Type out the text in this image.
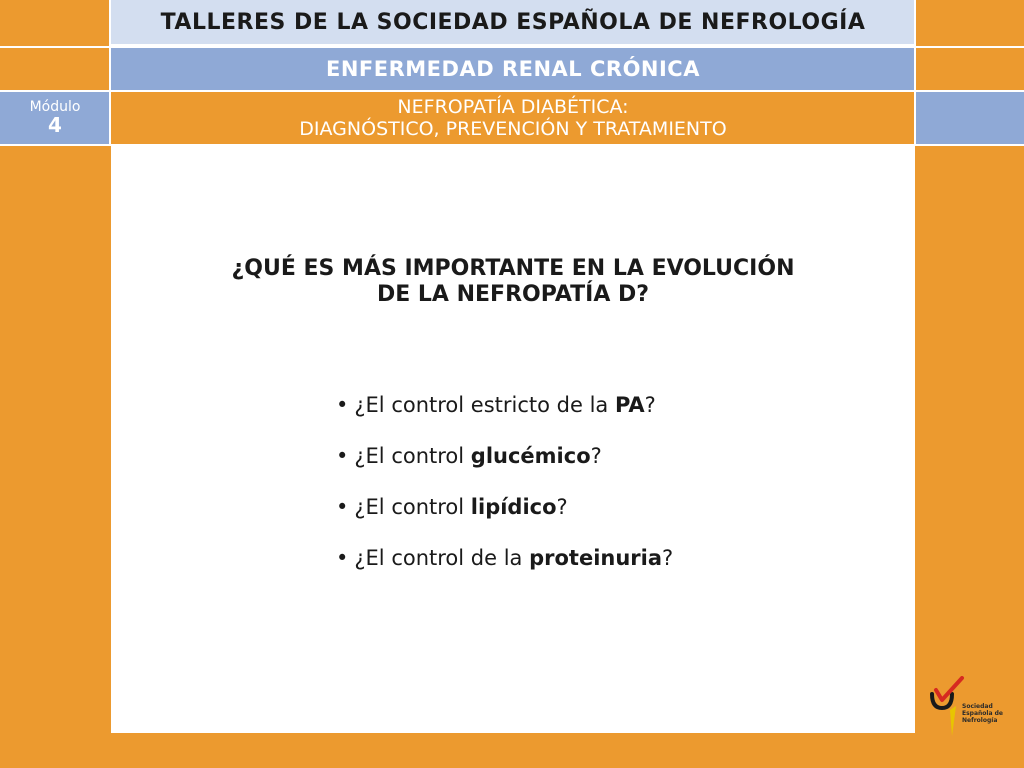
TALLERES DE LA SOCIEDAD ESPAÑOLA DE NEFROLOGÍA
ENFERMEDAD RENAL CRÓNICA
Módulo
4
NEFROPATÍA DIABÉTICA:
DIAGNÓSTICO, PREVENCIÓN Y TRATAMIENTO
¿QUÉ ES MÁS IMPORTANTE EN LA EVOLUCIÓN
DE LA NEFROPATÍA D?
• ¿El control estricto de la PA?
• ¿El control glucémico?
• ¿El control lipídico?
• ¿El control de la proteinuria?
Sociedad
Española de
Nefrología
